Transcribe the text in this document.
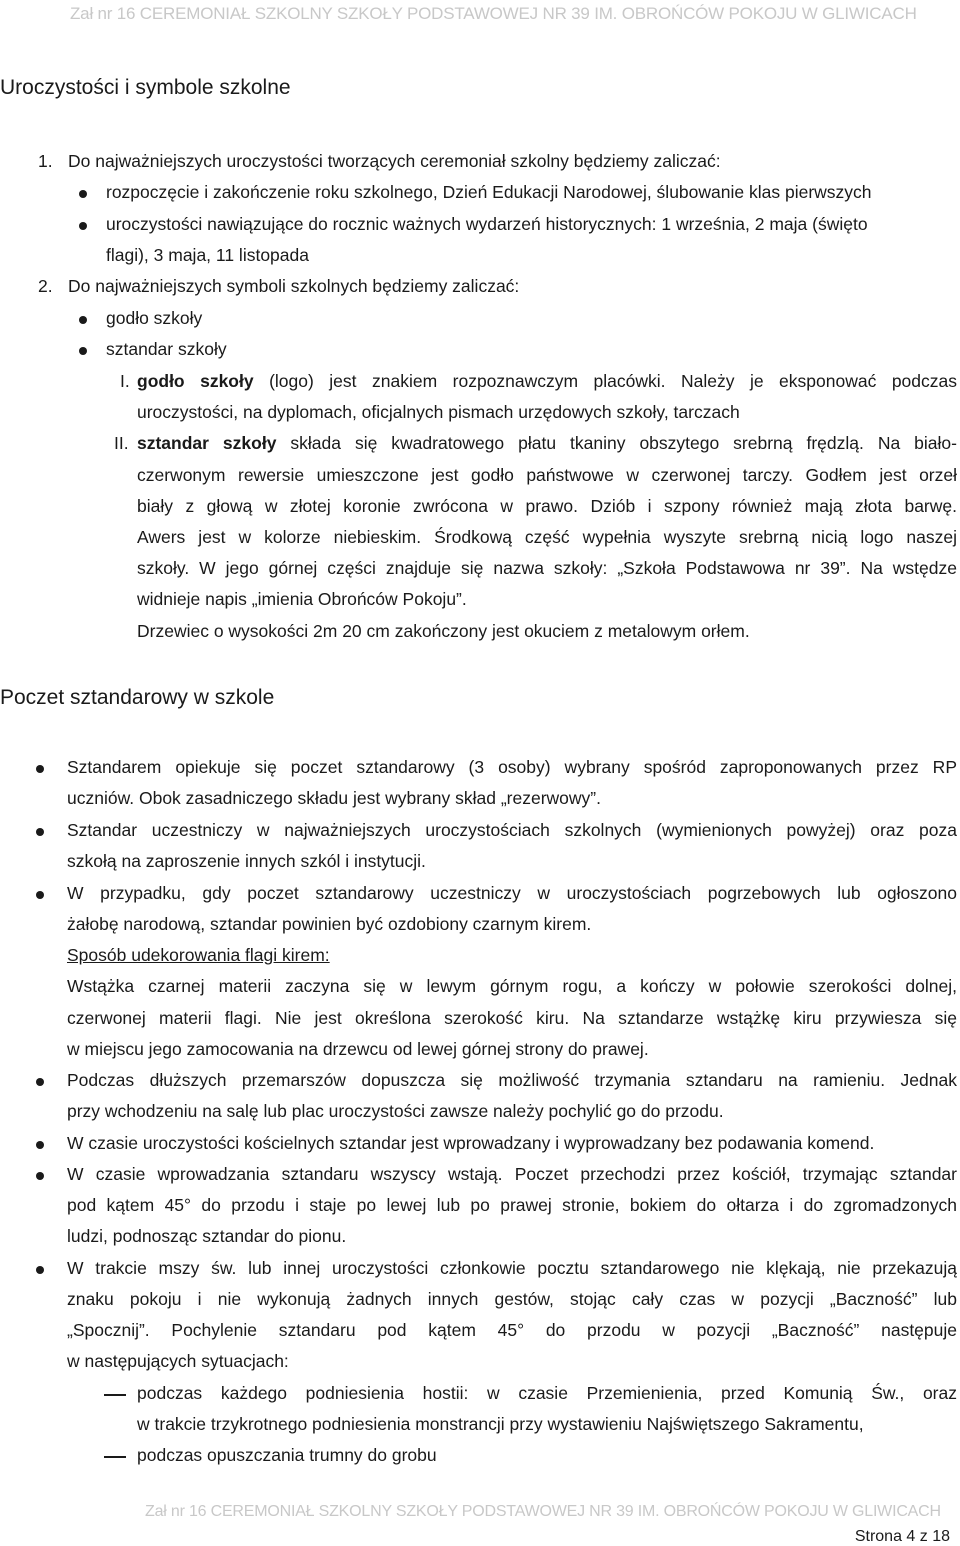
Zał nr 16 CEREMONIAŁ SZKOLNY SZKOŁY PODSTAWOWEJ NR 39 IM. OBROŃCÓW POKOJU W GLIWICACH
Uroczystości i symbole szkolne
1. Do najważniejszych uroczystości tworzących ceremoniał szkolny będziemy zaliczać:
rozpoczęcie i zakończenie roku szkolnego, Dzień Edukacji Narodowej, ślubowanie klas pierwszych
uroczystości nawiązujące do rocznic ważnych wydarzeń historycznych: 1 września, 2 maja (święto
flagi), 3 maja, 11 listopada
2. Do najważniejszych symboli szkolnych będziemy zaliczać:
godło szkoły
sztandar szkoły
I. godło szkoły (logo) jest znakiem rozpoznawczym placówki. Należy je eksponować podczas
uroczystości, na dyplomach, oficjalnych pismach urzędowych szkoły, tarczach
II. sztandar szkoły składa się kwadratowego płatu tkaniny obszytego srebrną frędzlą. Na biało-
czerwonym rewersie umieszczone jest godło państwowe w czerwonej tarczy. Godłem jest orzeł
biały z głową w złotej koronie zwrócona w prawo. Dziób i szpony również mają złota barwę.
Awers jest w kolorze niebieskim. Środkową część wypełnia wyszyte srebrną nicią logo naszej
szkoły. W jego górnej części znajduje się nazwa szkoły: „Szkoła Podstawowa nr 39”. Na wstędze
widnieje napis „imienia Obrońców Pokoju”.
Drzewiec o wysokości 2m 20 cm zakończony jest okuciem z metalowym orłem.
Poczet sztandarowy w szkole
Sztandarem opiekuje się poczet sztandarowy (3 osoby) wybrany spośród zaproponowanych przez RP
uczniów. Obok zasadniczego składu jest wybrany skład „rezerwowy”.
Sztandar uczestniczy w najważniejszych uroczystościach szkolnych (wymienionych powyżej) oraz poza
szkołą na zaproszenie innych szkól i instytucji.
W przypadku, gdy poczet sztandarowy uczestniczy w uroczystościach pogrzebowych lub ogłoszono
żałobę narodową, sztandar powinien być ozdobiony czarnym kirem.
Sposób udekorowania flagi kirem:
Wstążka czarnej materii zaczyna się w lewym górnym rogu, a kończy w połowie szerokości dolnej,
czerwonej materii flagi. Nie jest określona szerokość kiru. Na sztandarze wstążkę kiru przywiesza się
w miejscu jego zamocowania na drzewcu od lewej górnej strony do prawej.
Podczas dłuższych przemarszów dopuszcza się możliwość trzymania sztandaru na ramieniu. Jednak
przy wchodzeniu na salę lub plac uroczystości zawsze należy pochylić go do przodu.
W czasie uroczystości kościelnych sztandar jest wprowadzany i wyprowadzany bez podawania komend.
W czasie wprowadzania sztandaru wszyscy wstają. Poczet przechodzi przez kościół, trzymając sztandar
pod kątem 45° do przodu i staje po lewej lub po prawej stronie, bokiem do ołtarza i do zgromadzonych
ludzi, podnosząc sztandar do pionu.
W trakcie mszy św. lub innej uroczystości członkowie pocztu sztandarowego nie klękają, nie przekazują
znaku pokoju i nie wykonują żadnych innych gestów, stojąc cały czas w pozycji „Baczność” lub
„Spocznij”. Pochylenie sztandaru pod kątem 45° do przodu w pozycji „Baczność” następuje
w następujących sytuacjach:
podczas każdego podniesienia hostii: w czasie Przemienienia, przed Komunią Św., oraz
w trakcie trzykrotnego podniesienia monstrancji przy wystawieniu Najświętszego Sakramentu,
podczas opuszczania trumny do grobu
Zał nr 16 CEREMONIAŁ SZKOLNY SZKOŁY PODSTAWOWEJ NR 39 IM. OBROŃCÓW POKOJU W GLIWICACH
Strona 4 z 18
